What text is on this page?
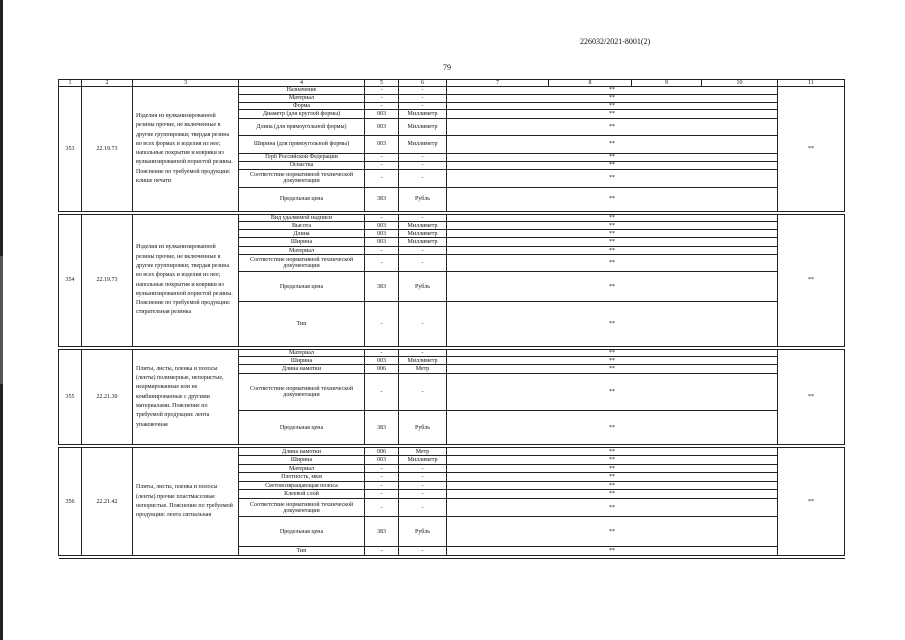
226032/2021-8001(2)
79
1	2	3	4	5	6	7	8	9	10	11
353	22.19.73	Изделия из вулканизированной резины прочие, не включенные в другие группировки; твердая резина во всех формах и изделия из нее; напольные покрытия и коврики из вулканизированной пористой резины. Пояснение по требуемой продукции: клише печати	Назначение	-	-	**				**
			Материал	-	-	**				
			Форма	-	-	**				
			Диаметр (для круглой формы)	003	Миллиметр	**				
			Длина (для прямоугольной формы)	003	Миллиметр	**				
			Ширина (для прямоугольной формы)	003	Миллиметр	**				
			Герб Российской Федерации	-	-	**				
			Оснастка	-	-	**				
			Соответствие нормативной технической документации	-	-	**				
			Предельная цена	383	Рубль	**				

354	22.19.73	Изделия из вулканизированной резины прочие, не включенные в другие группировки; твердая резина во всех формах и изделия из нее; напольные покрытия и коврики из вулканизированной пористой резины. Пояснение по требуемой продукции: стирательная резинка	Вид удаляемой надписи	-	-	**				**
			Высота	003	Миллиметр	**				
			Длина	003	Миллиметр	**				
			Ширина	003	Миллиметр	**				
			Материал	-	-	**				
			Соответствие нормативной технической документации	-	-	**				
			Предельная цена	383	Рубль	**				
			Тип	-	-	**				

355	22.21.30	Плиты, листы, пленка и полосы (ленты) полимерные, непористые, неармированные или не комбинированные с другими материалами. Пояснение по требуемой продукции: лента упаковочная	Материал	-	-	**				**
			Ширина	003	Миллиметр	**				
			Длина намотки	006	Метр	**				
			Соответствие нормативной технической документации	-	-	**				
			Предельная цена	383	Рубль	**				

356	22.21.42	Плиты, листы, пленка и полосы (ленты) прочие пластмассовые непористые. Пояснение по требуемой продукции: лента сигнальная	Длина намотки	006	Метр	**				**
			Ширина	003	Миллиметр	**				
			Материал	-	-	**				
			Плотность, мкм	-	-	**				
			Световозвращающая полоса	-	-	**				
			Клеевой слой	-	-	**				
			Соответствие нормативной технической документации	-	-	**				
			Предельная цена	383	Рубль	**				
			Тип	-	-	**				
